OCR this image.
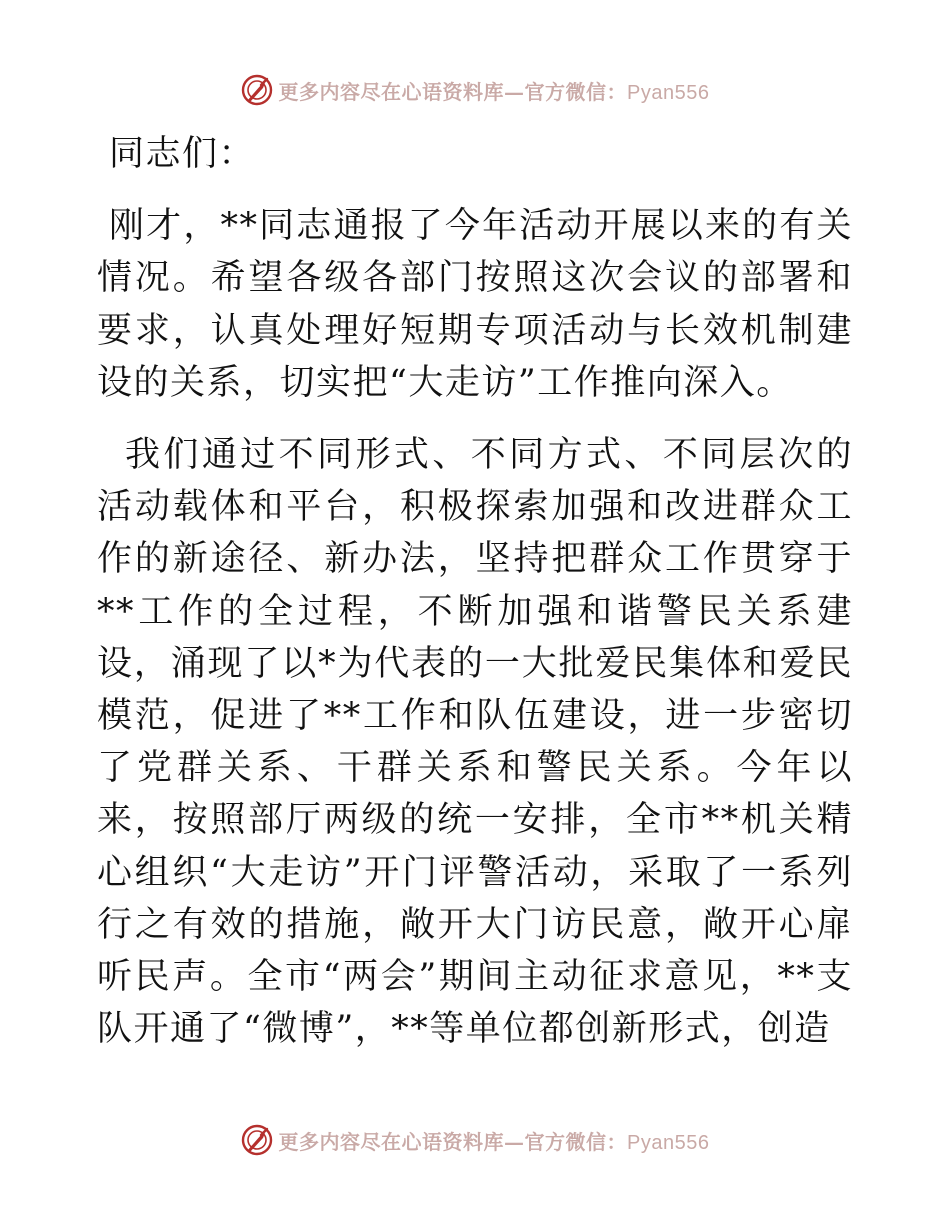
更多内容尽在心语资料库—官方微信：Pyan556

同志们：

刚才，**同志通报了今年活动开展以来的有关情况。希望各级各部门按照这次会议的部署和要求，认真处理好短期专项活动与长效机制建设的关系，切实把“大走访”工作推向深入。

我们通过不同形式、不同方式、不同层次的活动载体和平台，积极探索加强和改进群众工作的新途径、新办法，坚持把群众工作贯穿于**工作的全过程，不断加强和谐警民关系建设，涌现了以*为代表的一大批爱民集体和爱民模范，促进了**工作和队伍建设，进一步密切了党群关系、干群关系和警民关系。今年以来，按照部厅两级的统一安排，全市**机关精心组织“大走访”开门评警活动，采取了一系列行之有效的措施，敞开大门访民意，敞开心扉听民声。全市“两会”期间主动征求意见，**支队开通了“微博”，**等单位都创新形式，创造

更多内容尽在心语资料库—官方微信：Pyan556
